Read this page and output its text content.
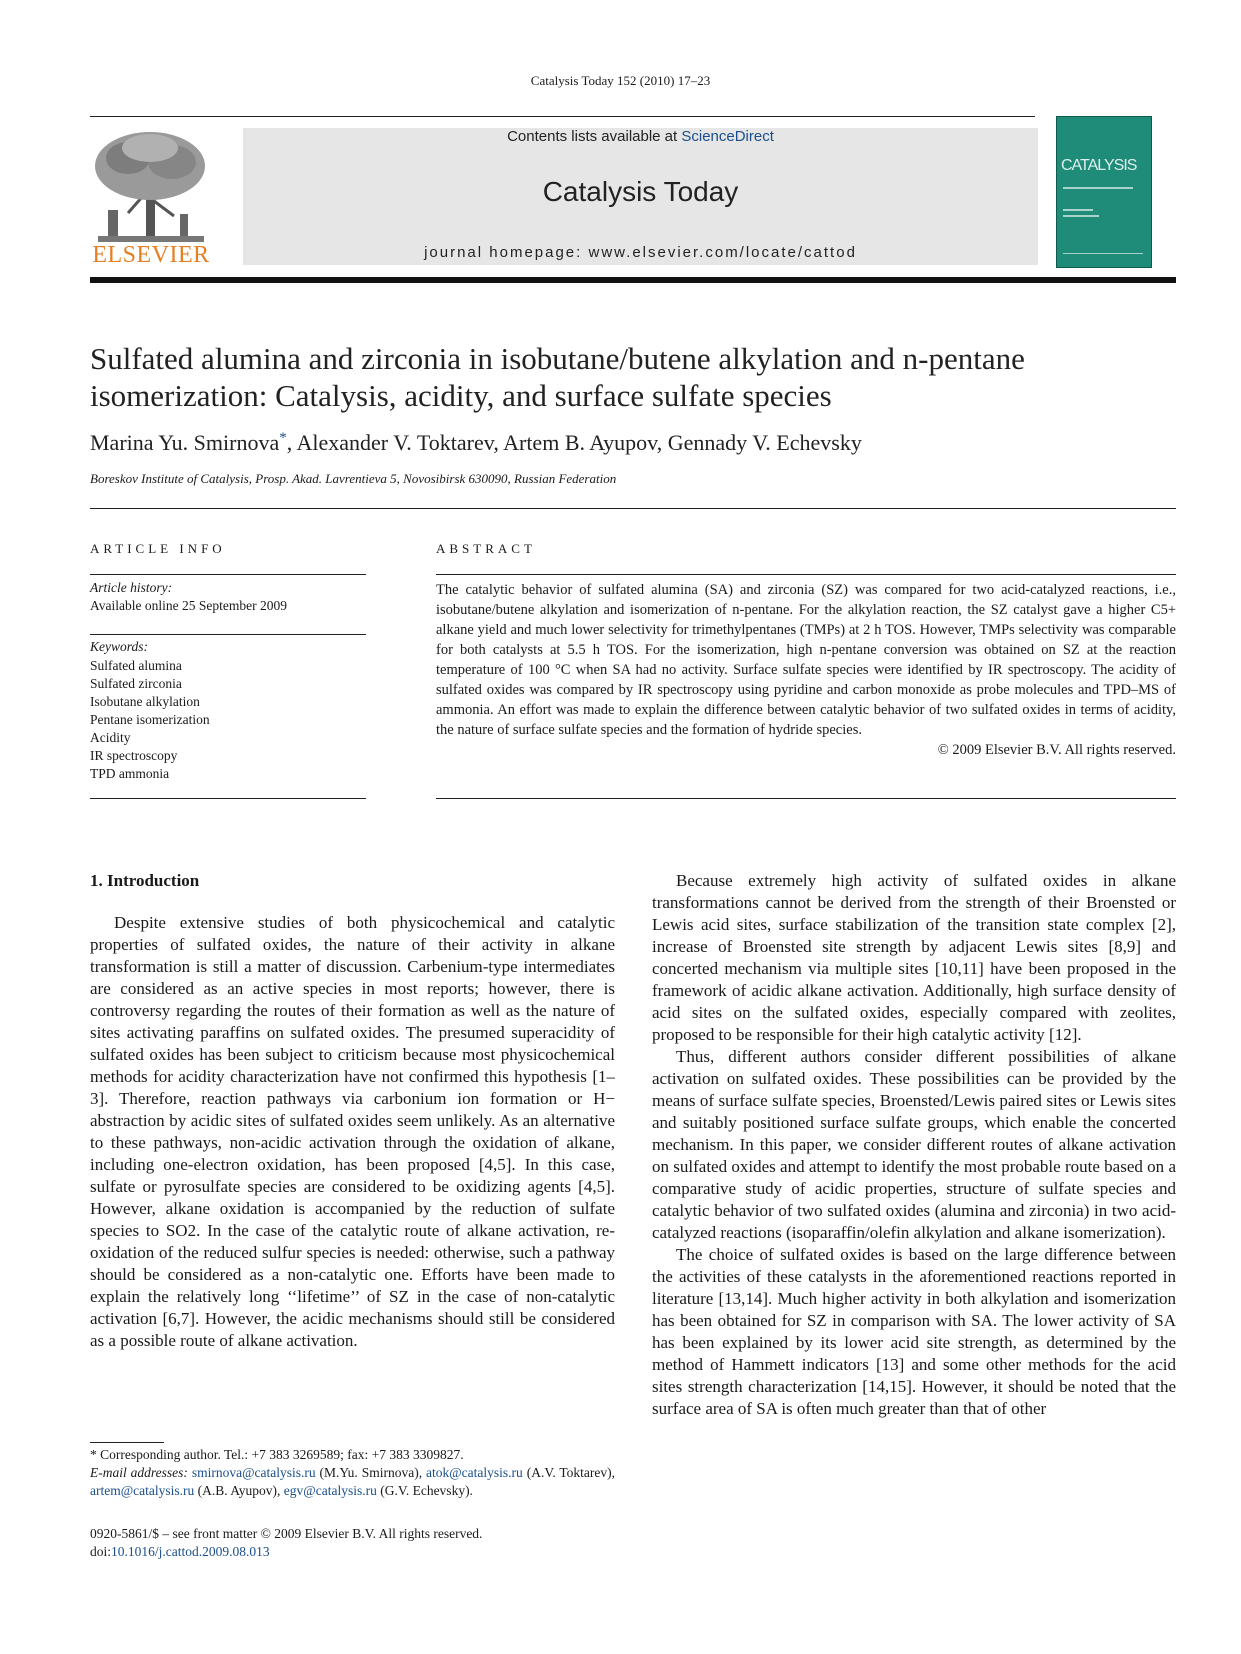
Catalysis Today 152 (2010) 17–23
ELSEVIER
Contents lists available at ScienceDirect
Catalysis Today
journal homepage: www.elsevier.com/locate/cattod
CATALYSIS
Sulfated alumina and zirconia in isobutane/butene alkylation and n-pentane
isomerization: Catalysis, acidity, and surface sulfate species
Marina Yu. Smirnova*, Alexander V. Toktarev, Artem B. Ayupov, Gennady V. Echevsky
Boreskov Institute of Catalysis, Prosp. Akad. Lavrentieva 5, Novosibirsk 630090, Russian Federation
ARTICLE INFO	ABSTRACT
Article history:
Available online 25 September 2009
Keywords:
Sulfated alumina
Sulfated zirconia
Isobutane alkylation
Pentane isomerization
Acidity
IR spectroscopy
TPD ammonia
The catalytic behavior of sulfated alumina (SA) and zirconia (SZ) was compared for two acid-catalyzed reactions, i.e., isobutane/butene alkylation and isomerization of n-pentane. For the alkylation reaction, the SZ catalyst gave a higher C5+ alkane yield and much lower selectivity for trimethylpentanes (TMPs) at 2 h TOS. However, TMPs selectivity was comparable for both catalysts at 5.5 h TOS. For the isomerization, high n-pentane conversion was obtained on SZ at the reaction temperature of 100 °C when SA had no activity. Surface sulfate species were identified by IR spectroscopy. The acidity of sulfated oxides was compared by IR spectroscopy using pyridine and carbon monoxide as probe molecules and TPD–MS of ammonia. An effort was made to explain the difference between catalytic behavior of two sulfated oxides in terms of acidity, the nature of surface sulfate species and the formation of hydride species.
© 2009 Elsevier B.V. All rights reserved.

1. Introduction

Despite extensive studies of both physicochemical and catalytic properties of sulfated oxides, the nature of their activity in alkane transformation is still a matter of discussion. Carbenium-type intermediates are considered as an active species in most reports; however, there is controversy regarding the routes of their formation as well as the nature of sites activating paraffins on sulfated oxides. The presumed superacidity of sulfated oxides has been subject to criticism because most physicochemical methods for acidity characterization have not confirmed this hypothesis [1–3]. Therefore, reaction pathways via carbonium ion formation or H− abstraction by acidic sites of sulfated oxides seem unlikely. As an alternative to these pathways, non-acidic activation through the oxidation of alkane, including one-electron oxidation, has been proposed [4,5]. In this case, sulfate or pyrosulfate species are considered to be oxidizing agents [4,5]. However, alkane oxidation is accompanied by the reduction of sulfate species to SO2. In the case of the catalytic route of alkane activation, re-oxidation of the reduced sulfur species is needed: otherwise, such a pathway should be considered as a non-catalytic one. Efforts have been made to explain the relatively long ‘‘lifetime’’ of SZ in the case of non-catalytic activation [6,7]. However, the acidic mechanisms should still be considered as a possible route of alkane activation.

Because extremely high activity of sulfated oxides in alkane transformations cannot be derived from the strength of their Broensted or Lewis acid sites, surface stabilization of the transition state complex [2], increase of Broensted site strength by adjacent Lewis sites [8,9] and concerted mechanism via multiple sites [10,11] have been proposed in the framework of acidic alkane activation. Additionally, high surface density of acid sites on the sulfated oxides, especially compared with zeolites, proposed to be responsible for their high catalytic activity [12].

Thus, different authors consider different possibilities of alkane activation on sulfated oxides. These possibilities can be provided by the means of surface sulfate species, Broensted/Lewis paired sites or Lewis sites and suitably positioned surface sulfate groups, which enable the concerted mechanism. In this paper, we consider different routes of alkane activation on sulfated oxides and attempt to identify the most probable route based on a comparative study of acidic properties, structure of sulfate species and catalytic behavior of two sulfated oxides (alumina and zirconia) in two acid-catalyzed reactions (isoparaffin/olefin alkylation and alkane isomerization).

The choice of sulfated oxides is based on the large difference between the activities of these catalysts in the aforementioned reactions reported in literature [13,14]. Much higher activity in both alkylation and isomerization has been obtained for SZ in comparison with SA. The lower activity of SA has been explained by its lower acid site strength, as determined by the method of Hammett indicators [13] and some other methods for the acid sites strength characterization [14,15]. However, it should be noted that the surface area of SA is often much greater than that of other

* Corresponding author. Tel.: +7 383 3269589; fax: +7 383 3309827.
E-mail addresses: smirnova@catalysis.ru (M.Yu. Smirnova), atok@catalysis.ru (A.V. Toktarev), artem@catalysis.ru (A.B. Ayupov), egv@catalysis.ru (G.V. Echevsky).
0920-5861/$ – see front matter © 2009 Elsevier B.V. All rights reserved.
doi:10.1016/j.cattod.2009.08.013
